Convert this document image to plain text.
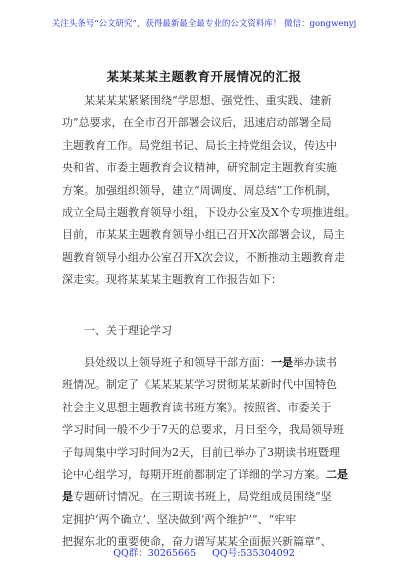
关注头条号“公文研究”，获得最新最全最专业的公文资料库！ 微信：gongwenyj
某某某某主题教育开展情况的汇报
某某某某紧紧围绕“学思想、强党性、重实践、建新
功”总要求，在全市召开部署会议后，迅速启动部署全局
主题教育工作。局党组书记、局长主持党组会议，传达中
央和省、市委主题教育会议精神，研究制定主题教育实施
方案。加强组织领导，建立“周调度、周总结”工作机制，
成立全局主题教育领导小组，下设办公室及X个专项推进组。
目前，市某某主题教育领导小组已召开X次部署会议，局主
题教育领导小组办公室召开X次会议，不断推动主题教育走
深走实。现将某某某主题教育工作报告如下：
一、关于理论学习
县处级以上领导班子和领导干部方面：一是举办读书
班情况。制定了《某某某某学习贯彻某某新时代中国特色
社会主义思想主题教育读书班方案》。按照省、市委关于
学习时间一般不少于7天的总要求，月日至今，我局领导班
子每周集中学习时间为2天，目前已举办了3期读书班暨理
论中心组学习，每期开班前都制定了详细的学习方案。二是
是专题研讨情况。在三期读书班上，局党组成员围绕“坚
定拥护‘两个确立’、坚决做到‘两个维护’”、“牢牢
把握东北的重要使命，奋力谱写某某全面振兴新篇章”、
QQ群：30265665 QQ号:535304092
